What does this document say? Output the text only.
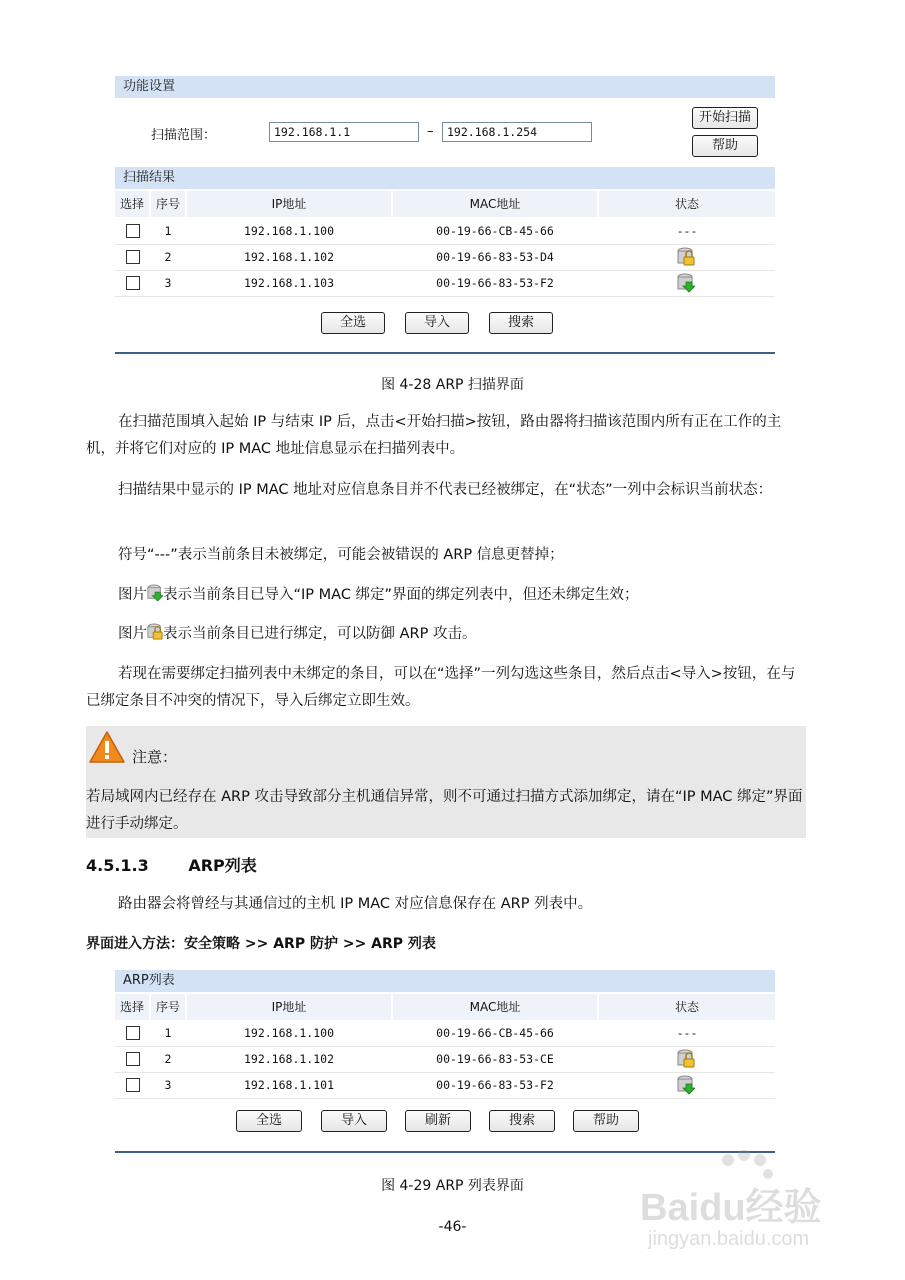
功能设置
扫描范围：	192.168.1.1	–	192.168.1.254
开始扫描
帮助
扫描结果
选择 序号	IP地址	MAC地址	状态
1	192.168.1.100	00-19-66-CB-45-66	---
2	192.168.1.102	00-19-66-83-53-D4
3	192.168.1.103	00-19-66-83-53-F2
全选	导入	搜索
图 4-28 ARP 扫描界面
在扫描范围填入起始 IP 与结束 IP 后，点击<开始扫描>按钮，路由器将扫描该范围内所有正在工作的主机，并将它们对应的 IP MAC 地址信息显示在扫描列表中。
扫描结果中显示的 IP MAC 地址对应信息条目并不代表已经被绑定，在“状态”一列中会标识当前状态：
符号“---”表示当前条目未被绑定，可能会被错误的 ARP 信息更替掉；
图片 表示当前条目已导入“IP MAC 绑定”界面的绑定列表中，但还未绑定生效；
图片 表示当前条目已进行绑定，可以防御 ARP 攻击。
若现在需要绑定扫描列表中未绑定的条目，可以在“选择”一列勾选这些条目，然后点击<导入>按钮，在与已绑定条目不冲突的情况下，导入后绑定立即生效。
注意：
若局域网内已经存在 ARP 攻击导致部分主机通信异常，则不可通过扫描方式添加绑定，请在“IP MAC 绑定”界面进行手动绑定。
4.5.1.3 ARP列表
路由器会将曾经与其通信过的主机 IP MAC 对应信息保存在 ARP 列表中。
界面进入方法：安全策略 >> ARP 防护 >> ARP 列表
ARP列表
选择 序号	IP地址	MAC地址	状态
1	192.168.1.100	00-19-66-CB-45-66	---
2	192.168.1.102	00-19-66-83-53-CE
3	192.168.1.101	00-19-66-83-53-F2
全选	导入	刷新	搜索	帮助
图 4-29 ARP 列表界面
-46-	Baidu经验
jingyan.baidu.com
